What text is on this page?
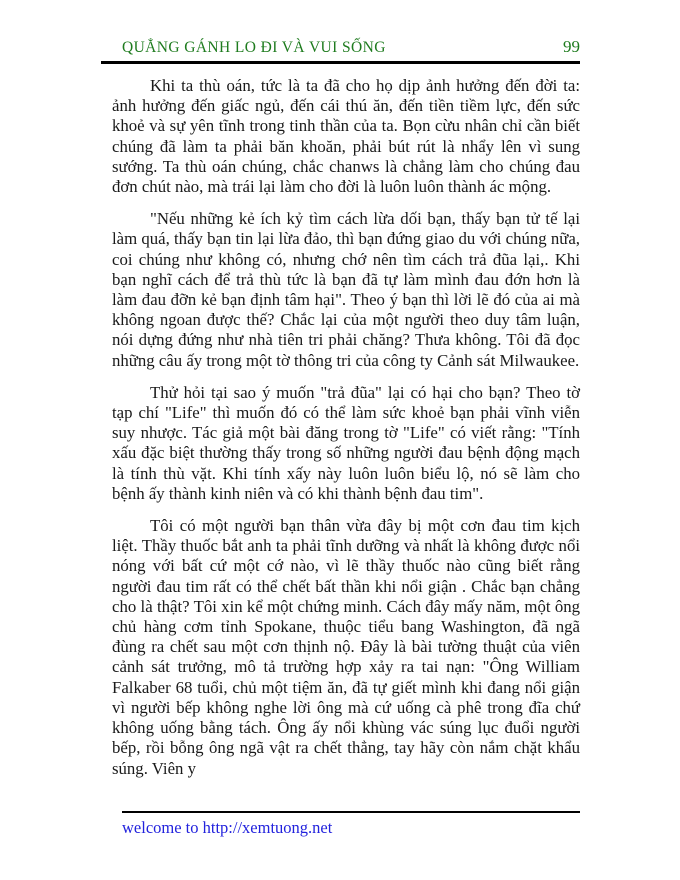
QUẲNG GÁNH LO ĐI VÀ VUI SỐNG	99

Khi ta thù oán, tức là ta đã cho họ dịp ảnh hưởng đến đời ta: ảnh hưởng đến giấc ngủ, đến cái thú ăn, đến tiền tiềm lực, đến sức khoẻ và sự yên tĩnh trong tinh thần của ta. Bọn cừu nhân chỉ cần biết chúng đã làm ta phải băn khoăn, phải bút rút là nhẩy lên vì sung sướng. Ta thù oán chúng, chắc chanws là chẳng làm cho chúng đau đơn chút nào, mà trái lại làm cho đời là luôn luôn thành ác mộng.

"Nếu những kẻ ích kỷ tìm cách lừa dối bạn, thấy bạn tử tế lại làm quá, thấy bạn tin lại lừa đảo, thì bạn đứng giao du với chúng nữa, coi chúng như không có, nhưng chớ nên tìm cách trả đũa lại,. Khi bạn nghĩ cách để trả thù tức là bạn đã tự làm mình đau đớn hơn là làm đau đỡn kẻ bạn định tâm hại". Theo ý bạn thì lời lẽ đó của ai mà không ngoan được thế? Chắc lại của một người theo duy tâm luận, nói dựng đứng như nhà tiên tri phải chăng? Thưa không. Tôi đã đọc những câu ấy trong một tờ thông tri của công ty Cảnh sát Milwaukee.

Thử hỏi tại sao ý muốn "trả đũa" lại có hại cho bạn? Theo tờ tạp chí "Life" thì muốn đó có thể làm sức khoẻ bạn phải vĩnh viễn suy nhược. Tác giả một bài đăng trong tờ "Life" có viết rằng: "Tính xấu đặc biệt thường thấy trong số những người đau bệnh động mạch là tính thù vặt. Khi tính xấy này luôn luôn biểu lộ, nó sẽ làm cho bệnh ấy thành kinh niên và có khi thành bệnh đau tim".

Tôi có một người bạn thân vừa đây bị một cơn đau tim kịch liệt. Thầy thuốc bắt anh ta phải tĩnh dưỡng và nhất là không được nổi nóng với bất cứ một cớ nào, vì lẽ thầy thuốc nào cũng biết rằng người đau tim rất có thể chết bất thần khi nổi giận . Chắc bạn chẳng cho là thật? Tôi xin kể một chứng minh. Cách đây mấy năm, một ông chủ hàng cơm tỉnh Spokane, thuộc tiểu bang Washington, đã ngã đùng ra chết sau một cơn thịnh nộ. Đây là bài tường thuật của viên cảnh sát trưởng, mô tả trường hợp xảy ra tai nạn: "Ông William Falkaber 68 tuổi, chủ một tiệm ăn, đã tự giết mình khi đang nổi giận vì người bếp không nghe lời ông mà cứ uống cà phê trong đĩa chứ không uống bằng tách. Ông ấy nổi khùng vác súng lục đuổi người bếp, rồi bỗng ông ngã vật ra chết thẳng, tay hãy còn nắm chặt khẩu súng. Viên y

welcome to http://xemtuong.net
